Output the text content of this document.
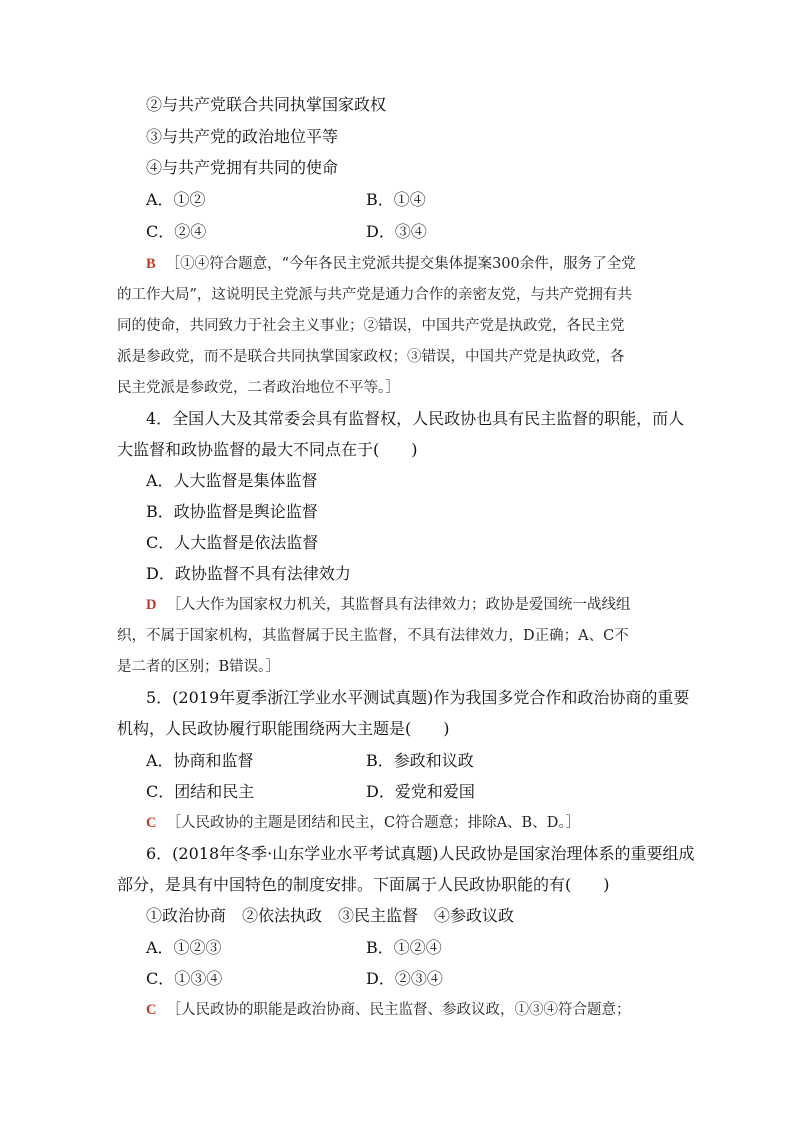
②与共产党联合共同执掌国家政权
③与共产党的政治地位平等
④与共产党拥有共同的使命
A．①②	B．①④
C．②④	D．③④
B ［①④符合题意，“今年各民主党派共提交集体提案300余件，服务了全党
的工作大局”，这说明民主党派与共产党是通力合作的亲密友党，与共产党拥有共
同的使命，共同致力于社会主义事业；②错误，中国共产党是执政党，各民主党
派是参政党，而不是联合共同执掌国家政权；③错误，中国共产党是执政党，各
民主党派是参政党，二者政治地位不平等。］
4．全国人大及其常委会具有监督权，人民政协也具有民主监督的职能，而人
大监督和政协监督的最大不同点在于(　　)
A．人大监督是集体监督
B．政协监督是舆论监督
C．人大监督是依法监督
D．政协监督不具有法律效力
D ［人大作为国家权力机关，其监督具有法律效力；政协是爱国统一战线组
织，不属于国家机构，其监督属于民主监督，不具有法律效力，D正确；A、C不
是二者的区别；B错误。］
5．(2019年夏季浙江学业水平测试真题)作为我国多党合作和政治协商的重要
机构，人民政协履行职能围绕两大主题是(　　)
A．协商和监督	B．参政和议政
C．团结和民主	D．爱党和爱国
C ［人民政协的主题是团结和民主，C符合题意；排除A、B、D。］
6．(2018年冬季·山东学业水平考试真题)人民政协是国家治理体系的重要组成
部分，是具有中国特色的制度安排。下面属于人民政协职能的有(　　)
①政治协商　②依法执政　③民主监督　④参政议政
A．①②③	B．①②④
C．①③④	D．②③④
C ［人民政协的职能是政治协商、民主监督、参政议政，①③④符合题意；
